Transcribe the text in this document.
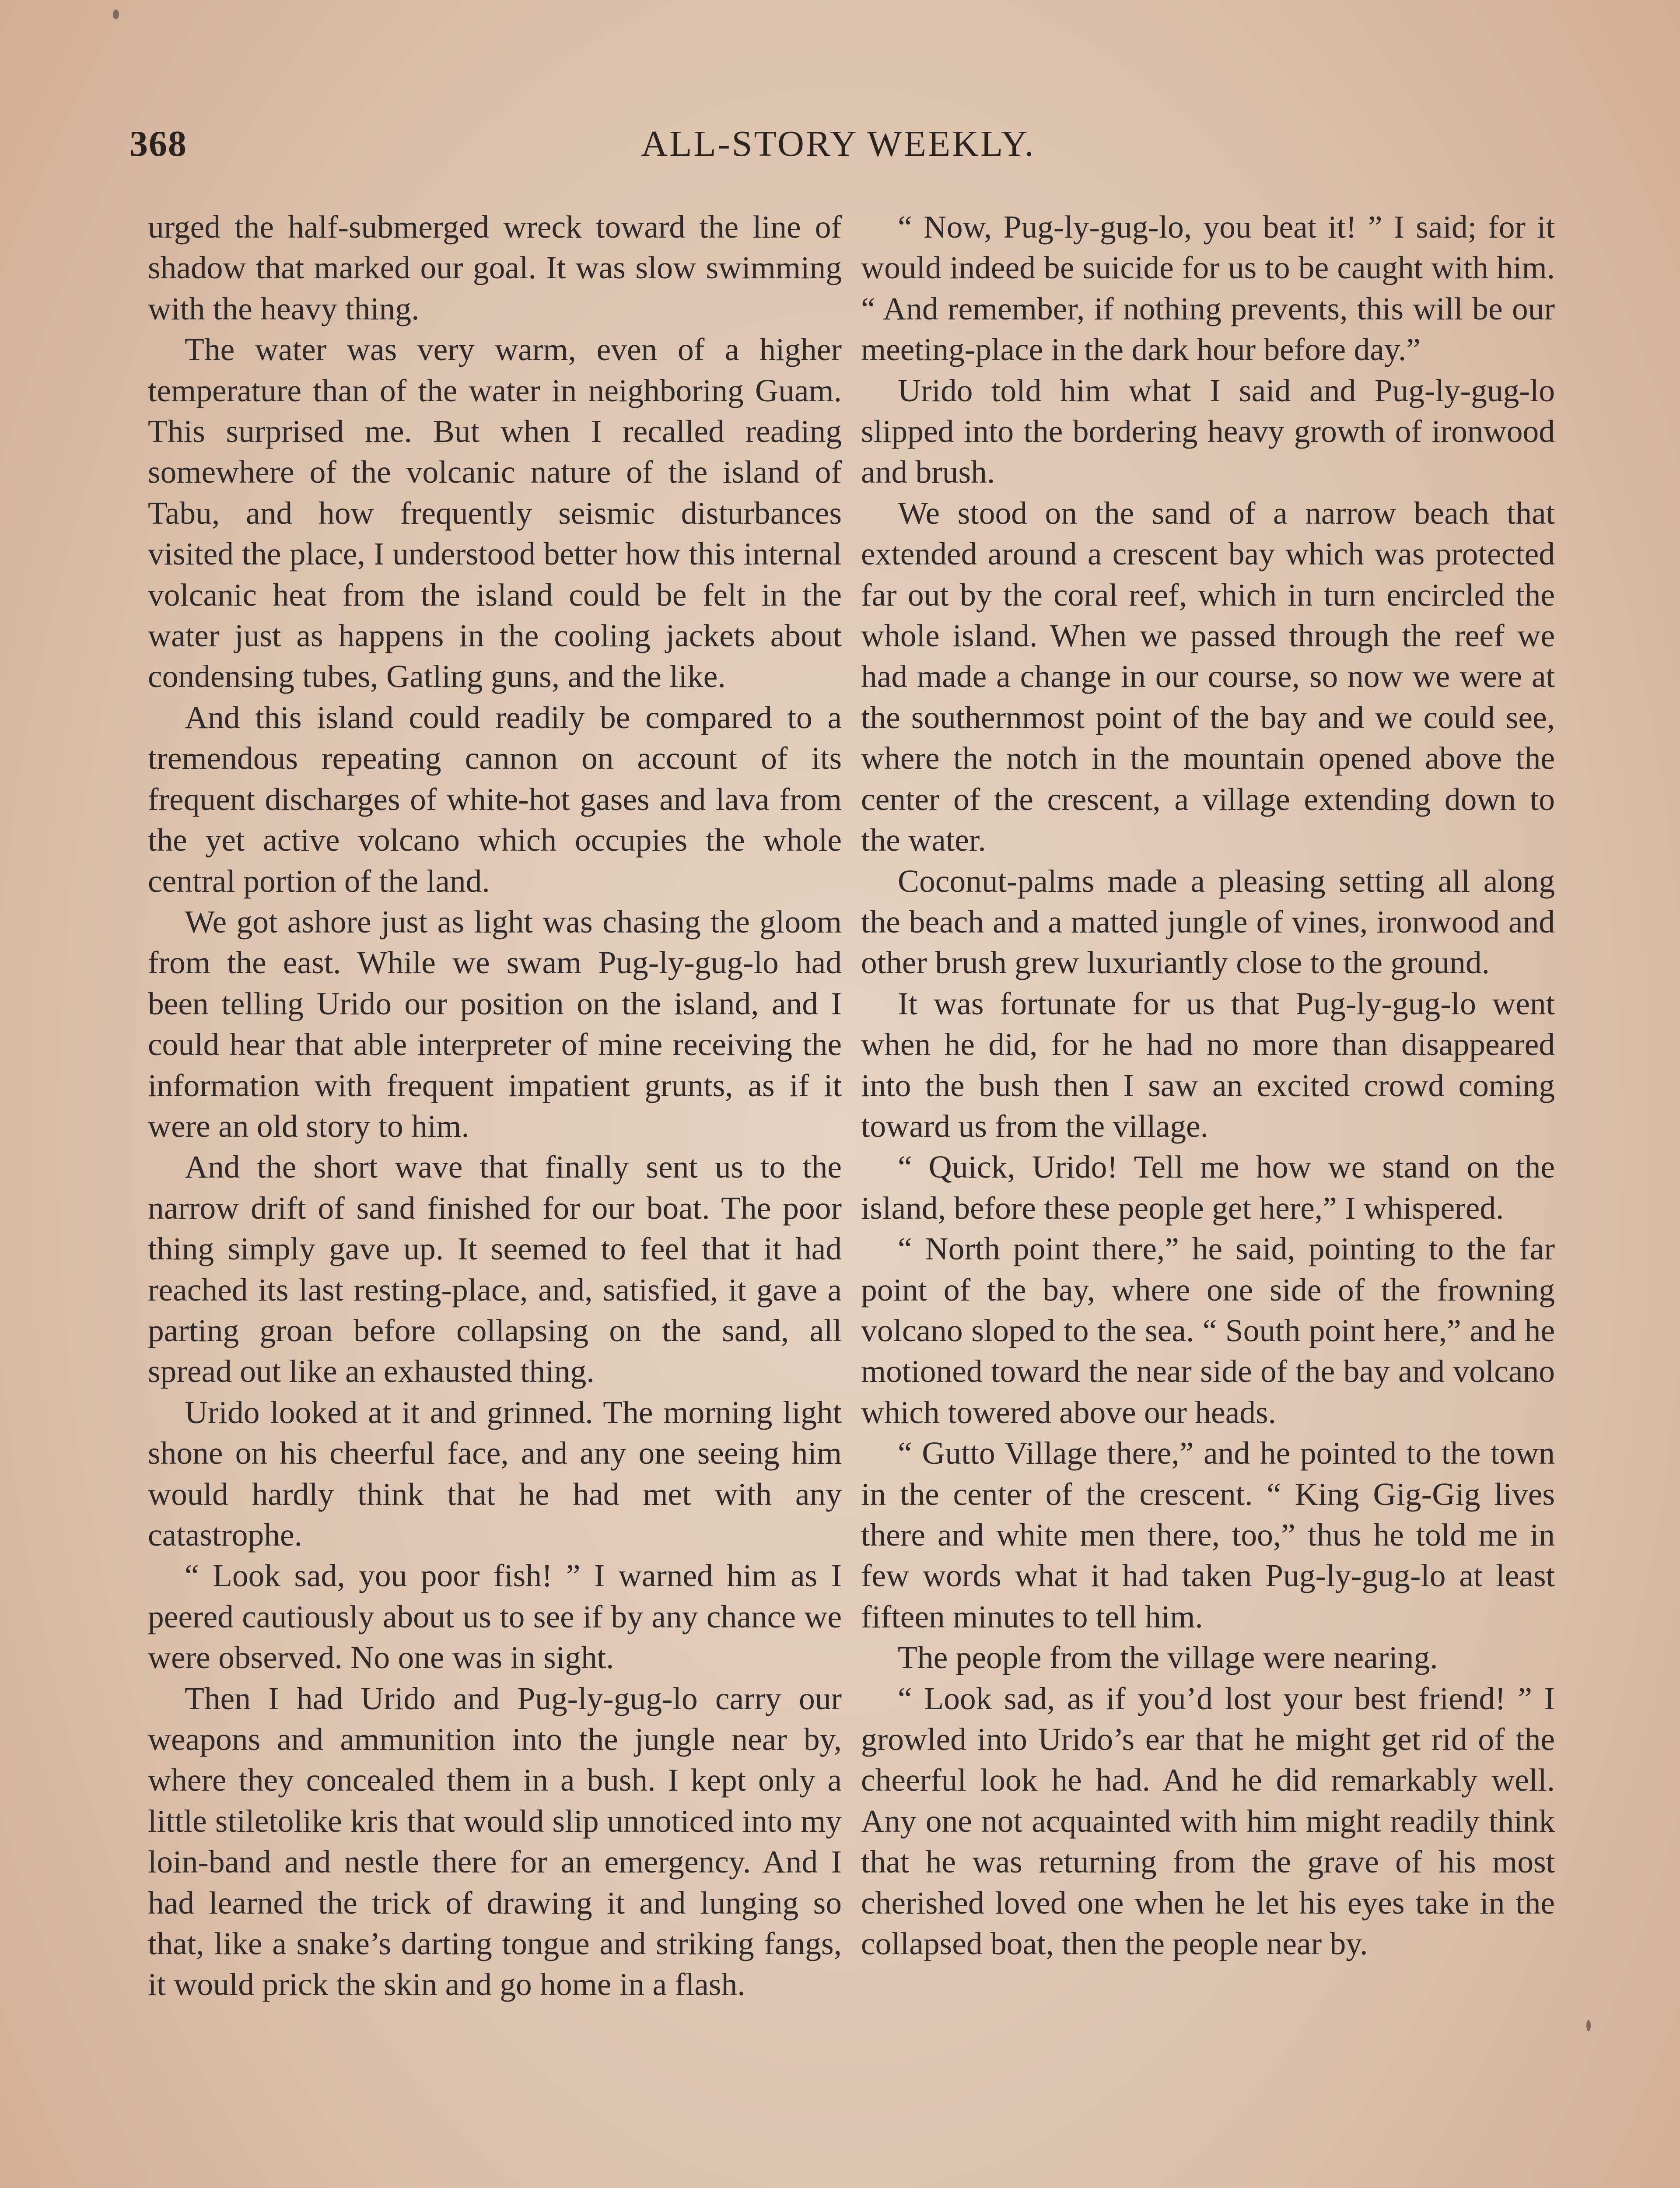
368	ALL-STORY WEEKLY.

urged the half-submerged wreck toward the line of shadow that marked our goal. It was slow swimming with the heavy thing.

The water was very warm, even of a higher temperature than of the water in neighboring Guam. This surprised me. But when I recalled reading somewhere of the volcanic nature of the island of Tabu, and how frequently seismic disturbances visited the place, I understood better how this internal volcanic heat from the island could be felt in the water just as happens in the cooling jackets about condensing tubes, Gatling guns, and the like.

And this island could readily be compared to a tremendous repeating cannon on account of its frequent discharges of white-hot gases and lava from the yet active volcano which occupies the whole central portion of the land.

We got ashore just as light was chasing the gloom from the east. While we swam Pug-ly-gug-lo had been telling Urido our position on the island, and I could hear that able interpreter of mine receiving the information with frequent impatient grunts, as if it were an old story to him.

And the short wave that finally sent us to the narrow drift of sand finished for our boat. The poor thing simply gave up. It seemed to feel that it had reached its last resting-place, and, satisfied, it gave a parting groan before collapsing on the sand, all spread out like an exhausted thing.

Urido looked at it and grinned. The morning light shone on his cheerful face, and any one seeing him would hardly think that he had met with any catastrophe.

“ Look sad, you poor fish! ” I warned him as I peered cautiously about us to see if by any chance we were observed. No one was in sight.

Then I had Urido and Pug-ly-gug-lo carry our weapons and ammunition into the jungle near by, where they concealed them in a bush. I kept only a little stiletolike kris that would slip unnoticed into my loin-band and nestle there for an emergency. And I had learned the trick of drawing it and lunging so that, like a snake’s darting tongue and striking fangs, it would prick the skin and go home in a flash.

“ Now, Pug-ly-gug-lo, you beat it! ” I said; for it would indeed be suicide for us to be caught with him. “ And remember, if nothing prevents, this will be our meeting-place in the dark hour before day.”

Urido told him what I said and Pug-ly-gug-lo slipped into the bordering heavy growth of ironwood and brush.

We stood on the sand of a narrow beach that extended around a crescent bay which was protected far out by the coral reef, which in turn encircled the whole island. When we passed through the reef we had made a change in our course, so now we were at the southernmost point of the bay and we could see, where the notch in the mountain opened above the center of the crescent, a village extending down to the water.

Coconut-palms made a pleasing setting all along the beach and a matted jungle of vines, ironwood and other brush grew luxuriantly close to the ground.

It was fortunate for us that Pug-ly-gug-lo went when he did, for he had no more than disappeared into the bush then I saw an excited crowd coming toward us from the village.

“ Quick, Urido! Tell me how we stand on the island, before these people get here,” I whispered.

“ North point there,” he said, pointing to the far point of the bay, where one side of the frowning volcano sloped to the sea. “ South point here,” and he motioned toward the near side of the bay and volcano which towered above our heads.

“ Gutto Village there,” and he pointed to the town in the center of the crescent. “ King Gig-Gig lives there and white men there, too,” thus he told me in few words what it had taken Pug-ly-gug-lo at least fifteen minutes to tell him.

The people from the village were nearing.

“ Look sad, as if you’d lost your best friend! ” I growled into Urido’s ear that he might get rid of the cheerful look he had. And he did remarkably well. Any one not acquainted with him might readily think that he was returning from the grave of his most cherished loved one when he let his eyes take in the collapsed boat, then the people near by.
